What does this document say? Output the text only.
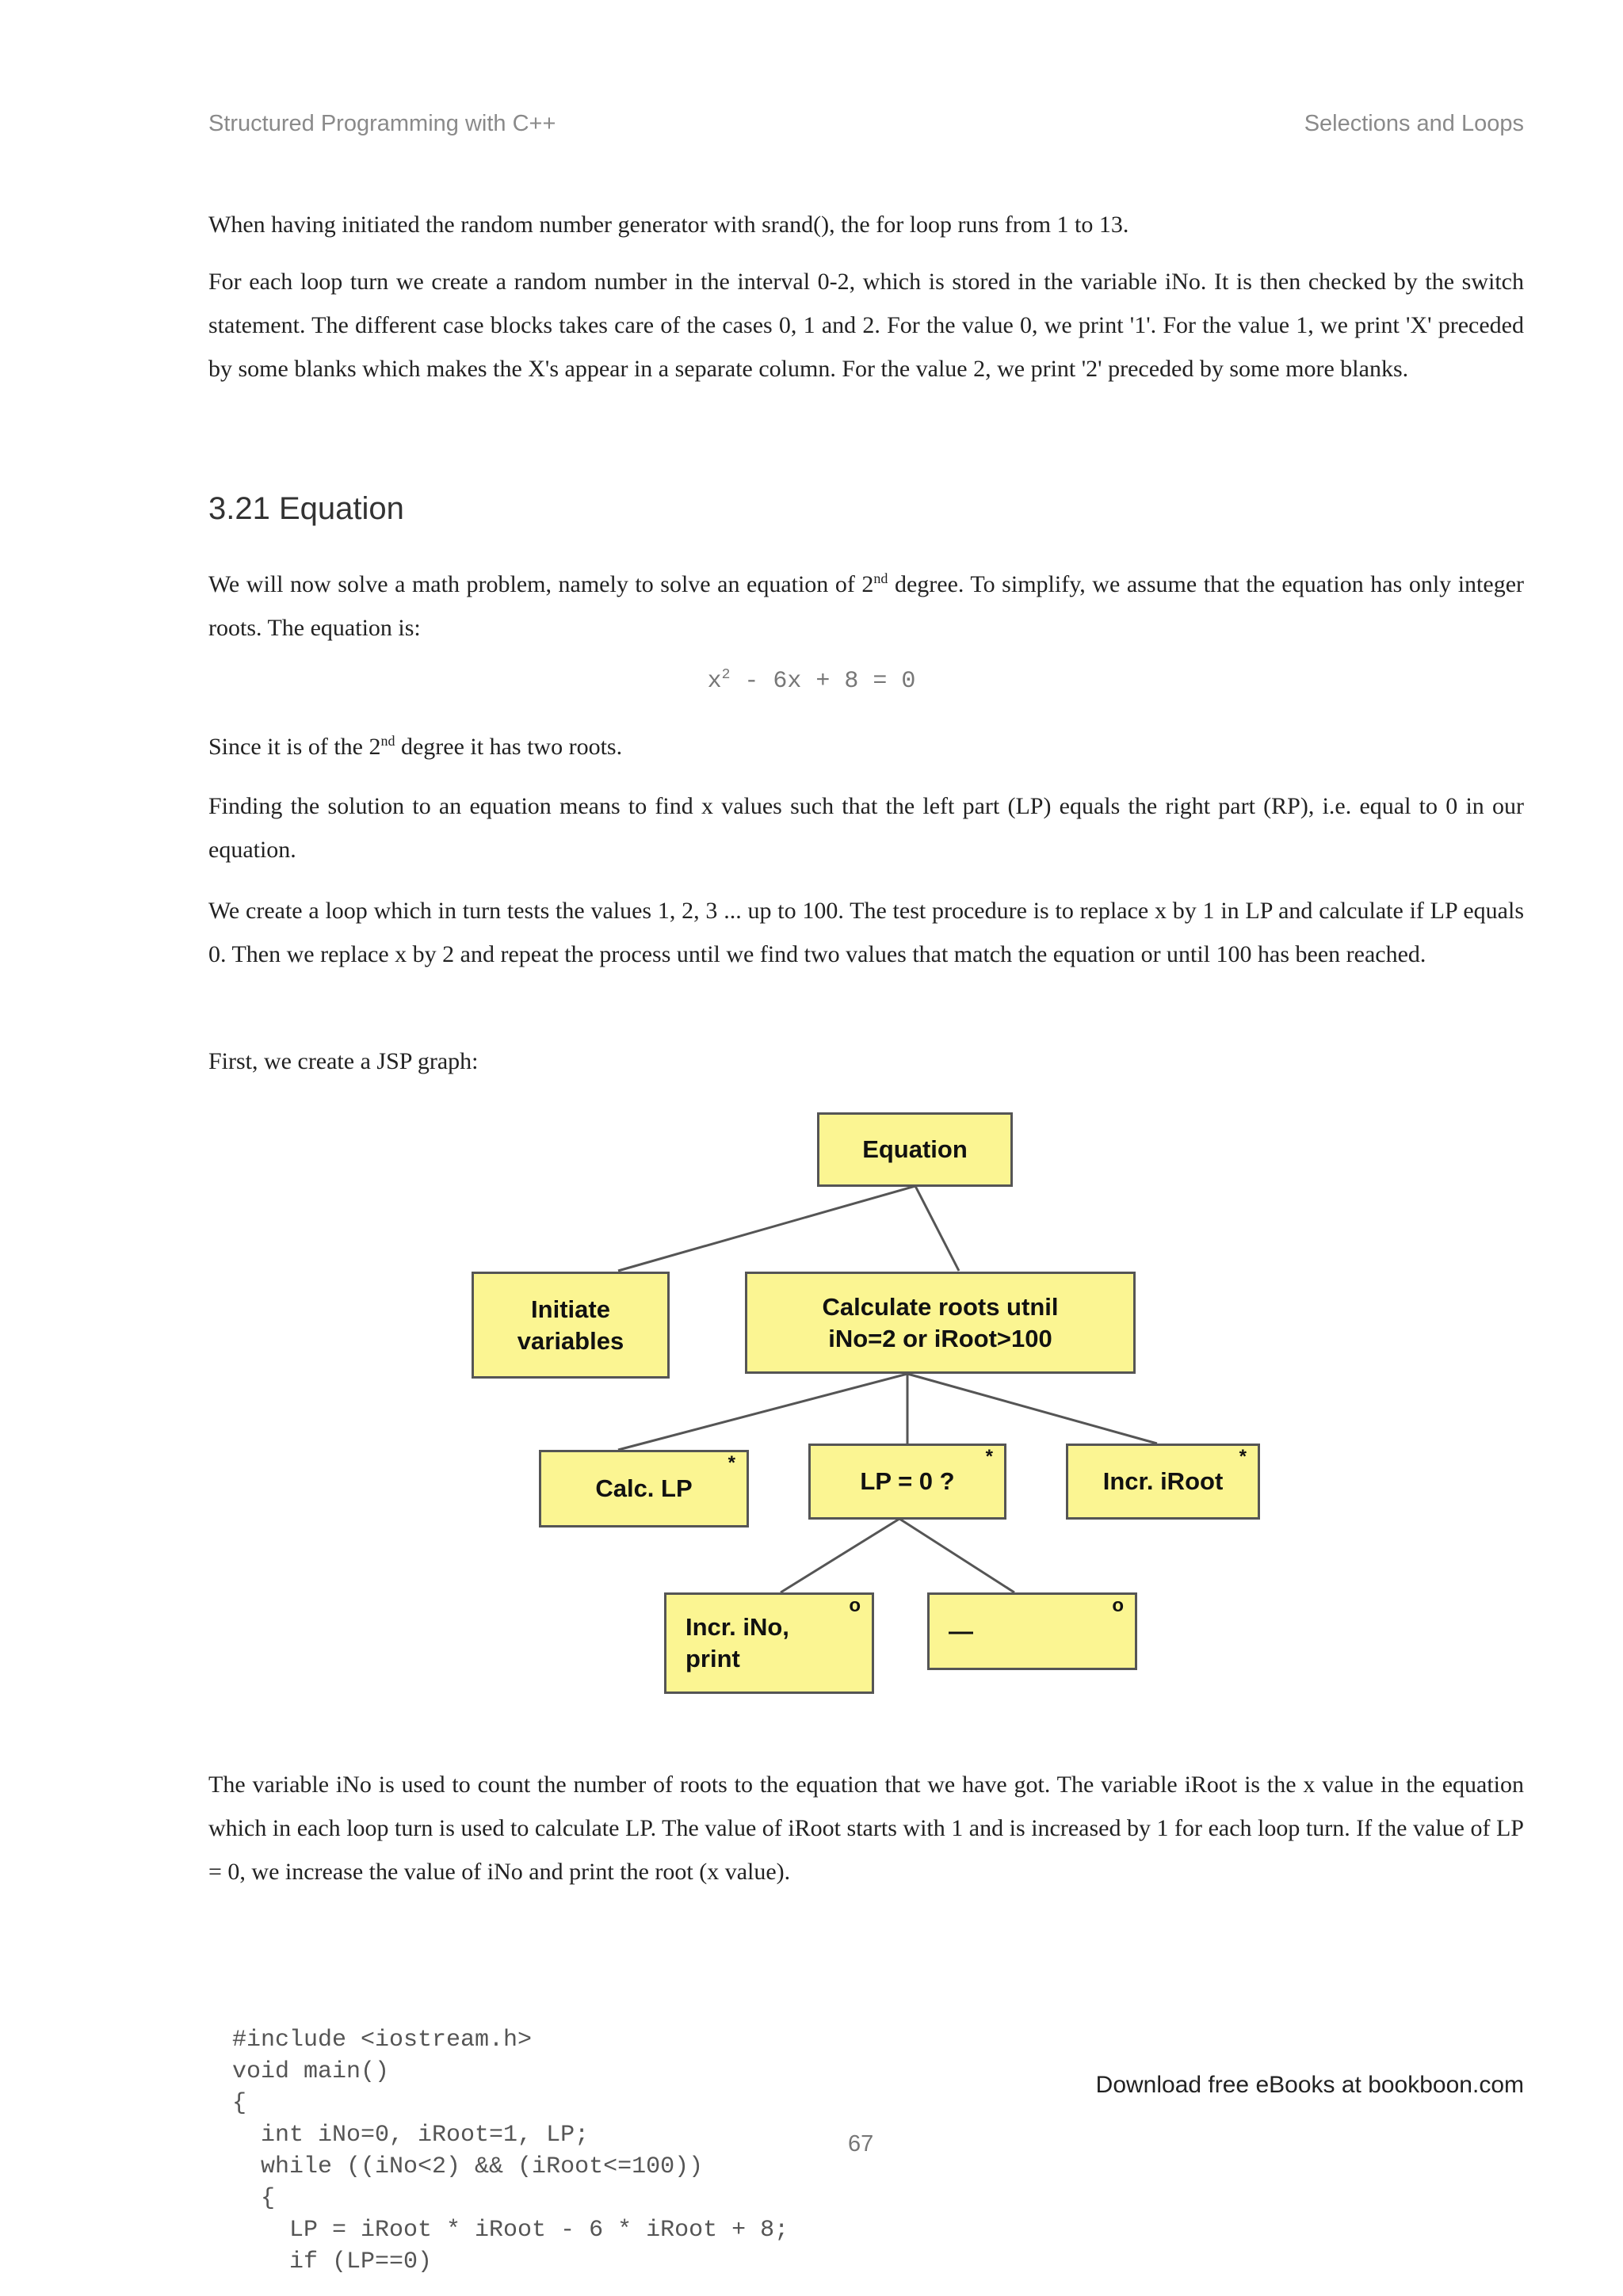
Structured Programming with C++	Selections and Loops
When having initiated the random number generator with srand(), the for loop runs from 1 to 13.
For each loop turn we create a random number in the interval 0-2, which is stored in the variable iNo. It is then checked by the switch statement. The different case blocks takes care of the cases 0, 1 and 2. For the value 0, we print '1'. For the value 1, we print 'X' preceded by some blanks which makes the X's appear in a separate column. For the value 2, we print '2' preceded by some more blanks.
3.21 Equation
We will now solve a math problem, namely to solve an equation of 2nd degree. To simplify, we assume that the equation has only integer roots. The equation is:
$x^2 - 6x + 8 = 0$
Since it is of the 2nd degree it has two roots.
Finding the solution to an equation means to find x values such that the left part (LP) equals the right part (RP), i.e. equal to 0 in our equation.
We create a loop which in turn tests the values 1, 2, 3 ... up to 100. The test procedure is to replace x by 1 in LP and calculate if LP equals 0. Then we replace x by 2 and repeat the process until we find two values that match the equation or until 100 has been reached.
First, we create a JSP graph:
Equation
Initiate
variables
Calculate roots utnil
iNo=2 or iRoot>100
Calc. LP
*
LP = 0 ?
*
Incr. iRoot
*
Incr. iNo,
print
o
—
o
The variable iNo is used to count the number of roots to the equation that we have got. The variable iRoot is the x value in the equation which in each loop turn is used to calculate LP. The value of iRoot starts with 1 and is increased by 1 for each loop turn. If the value of LP = 0, we increase the value of iNo and print the root (x value).
#include <iostream.h>
void main()
{
int iNo=0, iRoot=1, LP;
while ((iNo<2) && (iRoot<=100))
{
LP = iRoot * iRoot - 6 * iRoot + 8;
if (LP==0)
Download free eBooks at bookboon.com
67
